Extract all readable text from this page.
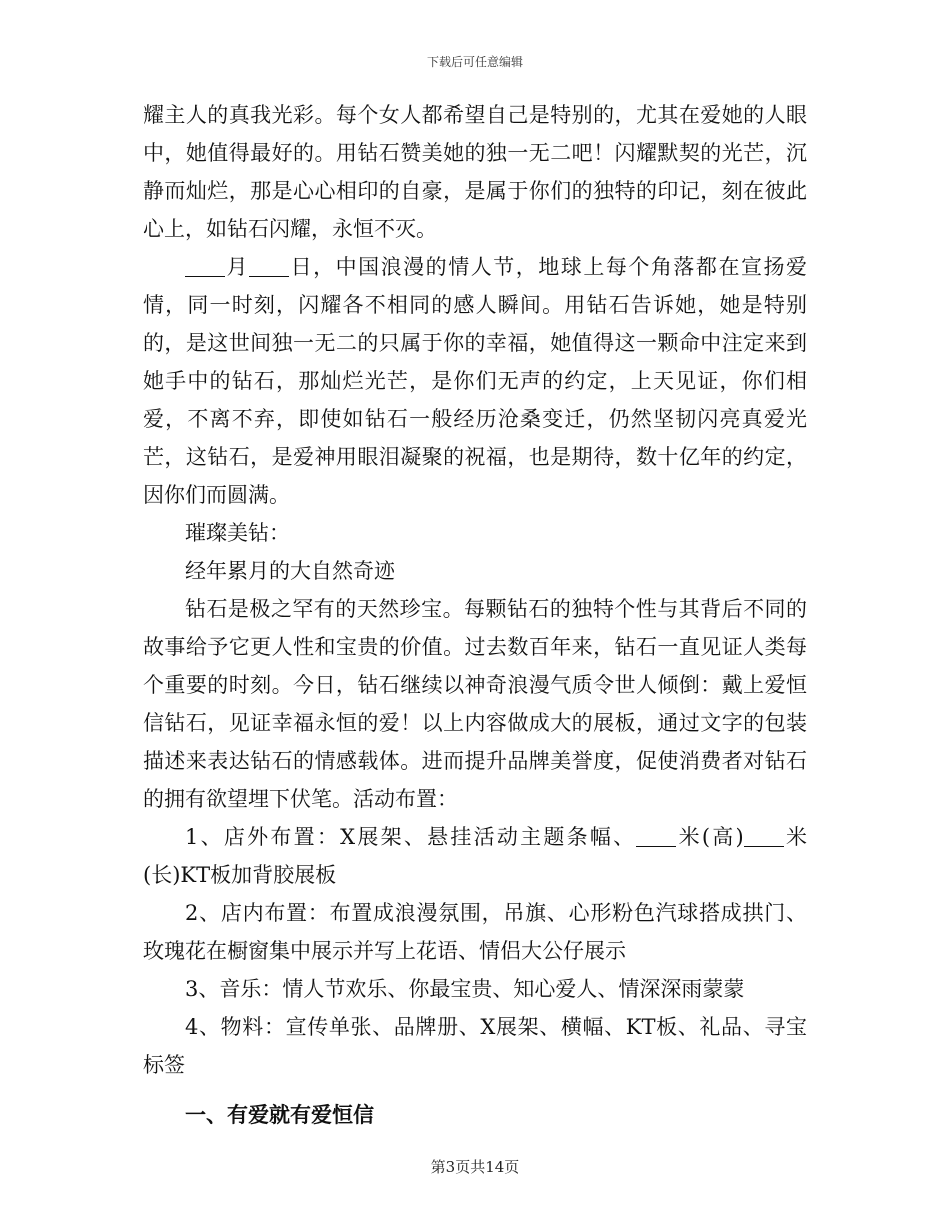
下载后可任意编辑

耀主人的真我光彩。每个女人都希望自己是特别的，尤其在爱她的人眼中，她值得最好的。用钻石赞美她的独一无二吧！闪耀默契的光芒，沉静而灿烂，那是心心相印的自豪，是属于你们的独特的印记，刻在彼此心上，如钻石闪耀，永恒不灭。

月 日，中国浪漫的情人节，地球上每个角落都在宣扬爱情，同一时刻，闪耀各不相同的感人瞬间。用钻石告诉她，她是特别的，是这世间独一无二的只属于你的幸福，她值得这一颗命中注定来到她手中的钻石，那灿烂光芒，是你们无声的约定，上天见证，你们相爱，不离不弃，即使如钻石一般经历沧桑变迁，仍然坚韧闪亮真爱光芒，这钻石，是爱神用眼泪凝聚的祝福，也是期待，数十亿年的约定，因你们而圆满。

璀璨美钻：

经年累月的大自然奇迹

钻石是极之罕有的天然珍宝。每颗钻石的独特个性与其背后不同的故事给予它更人性和宝贵的价值。过去数百年来，钻石一直见证人类每个重要的时刻。今日，钻石继续以神奇浪漫气质令世人倾倒：戴上爱恒信钻石，见证幸福永恒的爱！以上内容做成大的展板，通过文字的包装描述来表达钻石的情感载体。进而提升品牌美誉度，促使消费者对钻石的拥有欲望埋下伏笔。活动布置：

1、店外布置：X展架、悬挂活动主题条幅、 米(高) 米(长)KT板加背胶展板

2、店内布置：布置成浪漫氛围，吊旗、心形粉色汽球搭成拱门、玫瑰花在橱窗集中展示并写上花语、情侣大公仔展示

3、音乐：情人节欢乐、你最宝贵、知心爱人、情深深雨蒙蒙

4、物料：宣传单张、品牌册、X展架、横幅、KT板、礼品、寻宝标签

一、有爱就有爱恒信

第3页共14页
